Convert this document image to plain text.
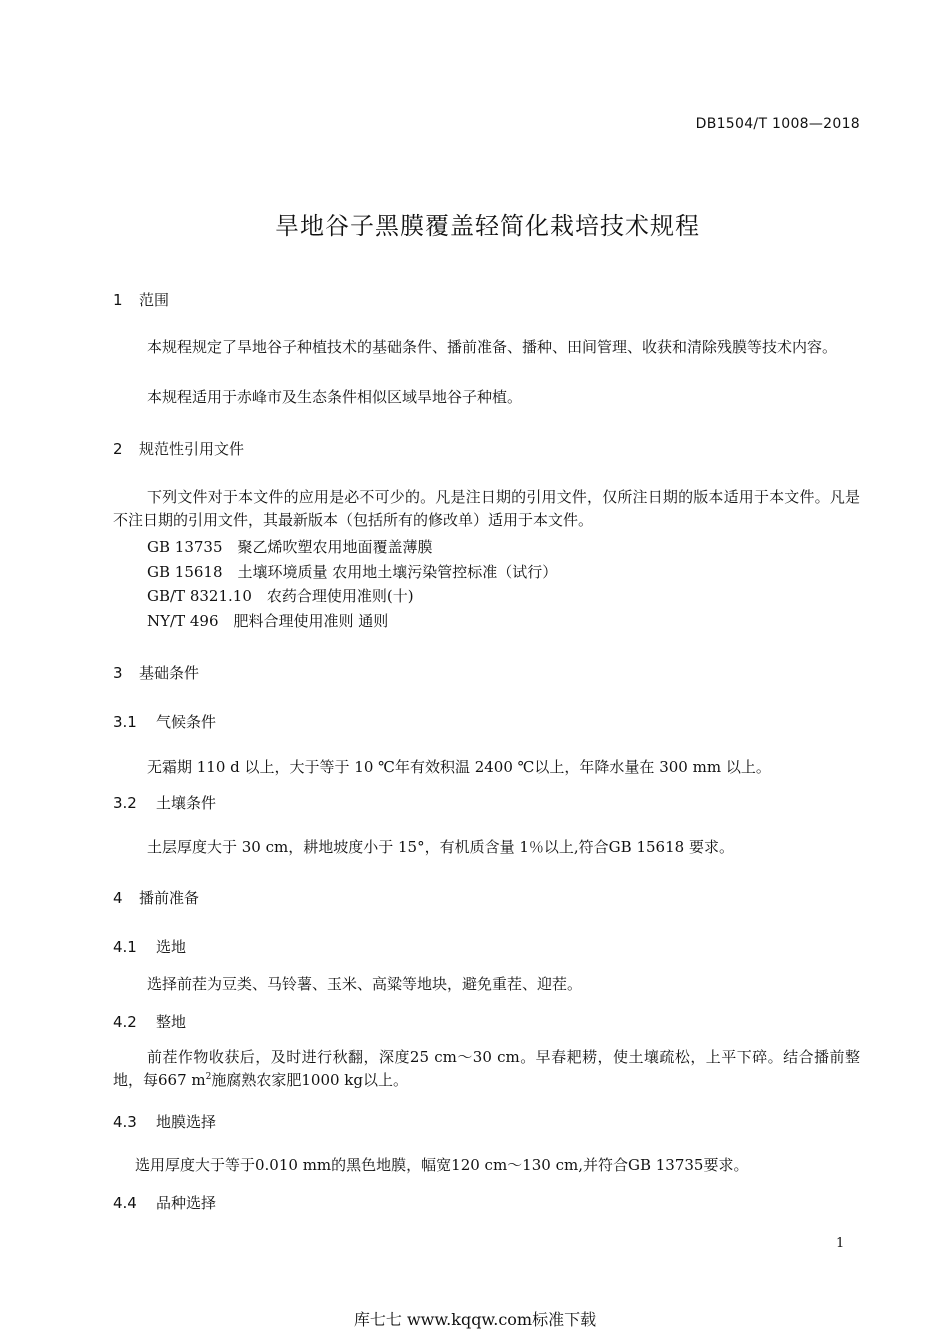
DB1504/T 1008—2018
旱地谷子黑膜覆盖轻简化栽培技术规程
1 范围
本规程规定了旱地谷子种植技术的基础条件、播前准备、播种、田间管理、收获和清除残膜等技术内容。
本规程适用于赤峰市及生态条件相似区域旱地谷子种植。
2 规范性引用文件
下列文件对于本文件的应用是必不可少的。凡是注日期的引用文件，仅所注日期的版本适用于本文件。凡是不注日期的引用文件，其最新版本（包括所有的修改单）适用于本文件。
GB 13735　聚乙烯吹塑农用地面覆盖薄膜
GB 15618　土壤环境质量 农用地土壤污染管控标准（试行）
GB/T 8321.10　农药合理使用准则(十)
NY/T 496　肥料合理使用准则 通则
3 基础条件
3.1 气候条件
无霜期 110 d 以上，大于等于 10 ℃年有效积温 2400 ℃以上，年降水量在 300 mm 以上。
3.2 土壤条件
土层厚度大于 30 cm，耕地坡度小于 15°，有机质含量 1％以上,符合GB 15618 要求。
4 播前准备
4.1 选地
选择前茬为豆类、马铃薯、玉米、高粱等地块，避免重茬、迎茬。
4.2 整地
前茬作物收获后，及时进行秋翻，深度25 cm～30 cm。早春耙耢，使土壤疏松，上平下碎。结合播前整地，每667 $m^2$施腐熟农家肥1000 kg以上。
4.3 地膜选择
选用厚度大于等于0.010 mm的黑色地膜，幅宽120 cm～130 cm,并符合GB 13735要求。
4.4 品种选择
1
库七七 www.kqqw.com标准下载
